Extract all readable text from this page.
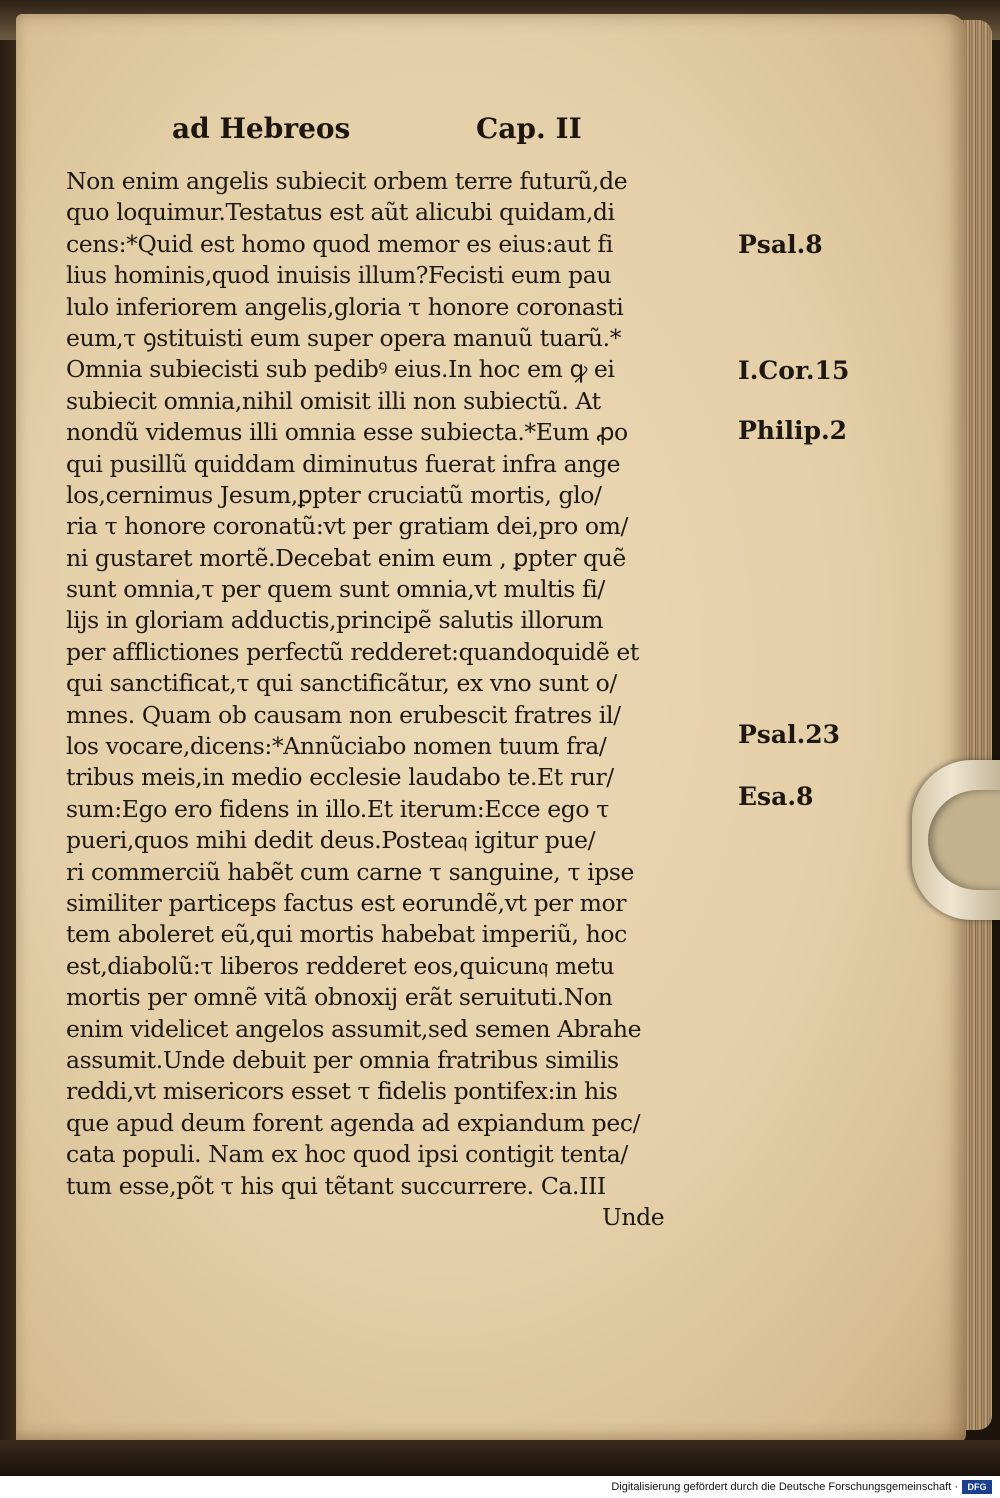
ad Hebreos	Cap. II
Non enim angelis subiecit orbem terre futurũ,de
quo loquimur.Testatus est aũt alicubi quidam,di
cens:*Quid est homo quod memor es eius:aut fi
lius hominis,quod inuisis illum?Fecisti eum pau
lulo inferiorem angelis,gloria τ honore coronasti
eum,τ ꝯstituisti eum super opera manuũ tuarũ.*
Omnia subiecisti sub pedibꝰ eius.In hoc em ꝙ ei
subiecit omnia,nihil omisit illi non subiectũ. At
nondũ videmus illi omnia esse subiecta.*Eum ꝓo
qui pusillũ quiddam diminutus fuerat infra ange
los,cernimus Jesum,ꝑpter cruciatũ mortis, glo/
ria τ honore coronatũ:vt per gratiam dei,pro om/
ni gustaret mortẽ.Decebat enim eum , ꝑpter quẽ
sunt omnia,τ per quem sunt omnia,vt multis fi/
lijs in gloriam adductis,principẽ salutis illorum
per afflictiones perfectũ redderet:quandoquidẽ et
qui sanctificat,τ qui sanctificãtur, ex vno sunt o/
mnes. Quam ob causam non erubescit fratres il/
los vocare,dicens:*Annũciabo nomen tuum fra/
tribus meis,in medio ecclesie laudabo te.Et rur/
sum:Ego ero fidens in illo.Et iterum:Ecce ego τ
pueri,quos mihi dedit deus.Postea𝔮 igitur pue/
ri commerciũ habẽt cum carne τ sanguine, τ ipse
similiter particeps factus est eorundẽ,vt per mor
tem aboleret eũ,qui mortis habebat imperiũ, hoc
est,diabolũ:τ liberos redderet eos,quicun𝔮 metu
mortis per omnẽ vitã obnoxij erãt seruituti.Non
enim videlicet angelos assumit,sed semen Abrahe
assumit.Unde debuit per omnia fratribus similis
reddi,vt misericors esset τ fidelis pontifex:in his
que apud deum forent agenda ad expiandum pec/
cata populi. Nam ex hoc quod ipsi contigit tenta/
tum esse,põt τ his qui tẽtant succurrere. Ca.III
Unde
Psal.8
I.Cor.15
Philip.2
Psal.23
Esa.8
Digitalisierung gefördert durch die Deutsche Forschungsgemeinschaft ·	DFG
